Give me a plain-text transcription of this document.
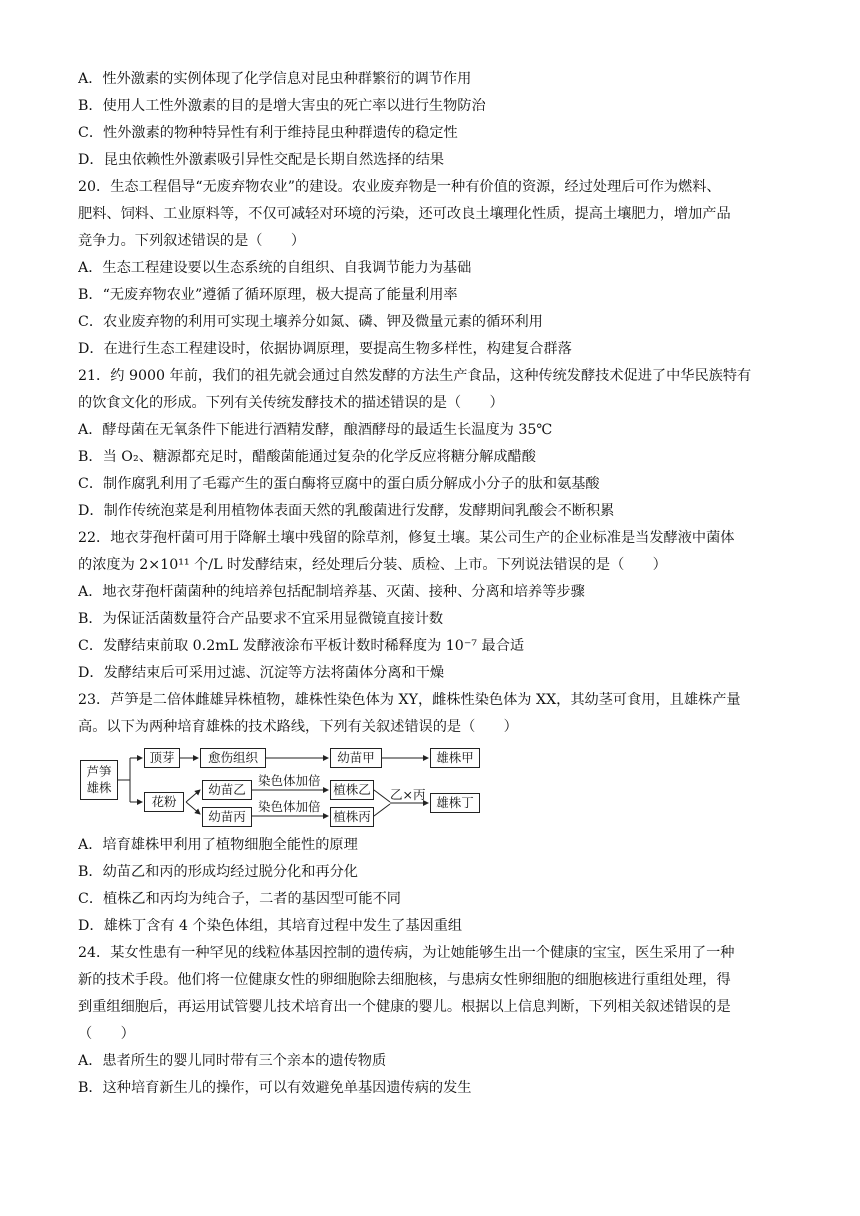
A．性外激素的实例体现了化学信息对昆虫种群繁衍的调节作用
B．使用人工性外激素的目的是增大害虫的死亡率以进行生物防治
C．性外激素的物种特异性有利于维持昆虫种群遗传的稳定性
D．昆虫依赖性外激素吸引异性交配是长期自然选择的结果
20．生态工程倡导“无废弃物农业”的建设。农业废弃物是一种有价值的资源，经过处理后可作为燃料、
肥料、饲料、工业原料等，不仅可减轻对环境的污染，还可改良土壤理化性质，提高土壤肥力，增加产品
竞争力。下列叙述错误的是（　　）
A．生态工程建设要以生态系统的自组织、自我调节能力为基础
B．“无废弃物农业”遵循了循环原理，极大提高了能量利用率
C．农业废弃物的利用可实现土壤养分如氮、磷、钾及微量元素的循环利用
D．在进行生态工程建设时，依据协调原理，要提高生物多样性，构建复合群落
21．约 9000 年前，我们的祖先就会通过自然发酵的方法生产食品，这种传统发酵技术促进了中华民族特有
的饮食文化的形成。下列有关传统发酵技术的描述错误的是（　　）
A．酵母菌在无氧条件下能进行酒精发酵，酿酒酵母的最适生长温度为 35℃
B．当 O₂、糖源都充足时，醋酸菌能通过复杂的化学反应将糖分解成醋酸
C．制作腐乳利用了毛霉产生的蛋白酶将豆腐中的蛋白质分解成小分子的肽和氨基酸
D．制作传统泡菜是利用植物体表面天然的乳酸菌进行发酵，发酵期间乳酸会不断积累
22．地衣芽孢杆菌可用于降解土壤中残留的除草剂，修复土壤。某公司生产的企业标准是当发酵液中菌体
的浓度为 2×10¹¹ 个/L 时发酵结束，经处理后分装、质检、上市。下列说法错误的是（　　）
A．地衣芽孢杆菌菌种的纯培养包括配制培养基、灭菌、接种、分离和培养等步骤
B．为保证活菌数量符合产品要求不宜采用显微镜直接计数
C．发酵结束前取 0.2mL 发酵液涂布平板计数时稀释度为 10⁻⁷ 最合适
D．发酵结束后可采用过滤、沉淀等方法将菌体分离和干燥
23．芦笋是二倍体雌雄异株植物，雄株性染色体为 XY，雌株性染色体为 XX，其幼茎可食用，且雄株产量
高。以下为两种培育雄株的技术路线，下列有关叙述错误的是（　　）
芦笋
雄株
顶芽	愈伤组织	幼苗甲	雄株甲
花粉
幼苗乙
幼苗丙
染色体加倍
染色体加倍
植株乙
植株丙
乙×丙
雄株丁
A．培育雄株甲利用了植物细胞全能性的原理
B．幼苗乙和丙的形成均经过脱分化和再分化
C．植株乙和丙均为纯合子，二者的基因型可能不同
D．雄株丁含有 4 个染色体组，其培育过程中发生了基因重组
24．某女性患有一种罕见的线粒体基因控制的遗传病，为让她能够生出一个健康的宝宝，医生采用了一种
新的技术手段。他们将一位健康女性的卵细胞除去细胞核，与患病女性卵细胞的细胞核进行重组处理，得
到重组细胞后，再运用试管婴儿技术培育出一个健康的婴儿。根据以上信息判断，下列相关叙述错误的是
（　　）
A．患者所生的婴儿同时带有三个亲本的遗传物质
B．这种培育新生儿的操作，可以有效避免单基因遗传病的发生
